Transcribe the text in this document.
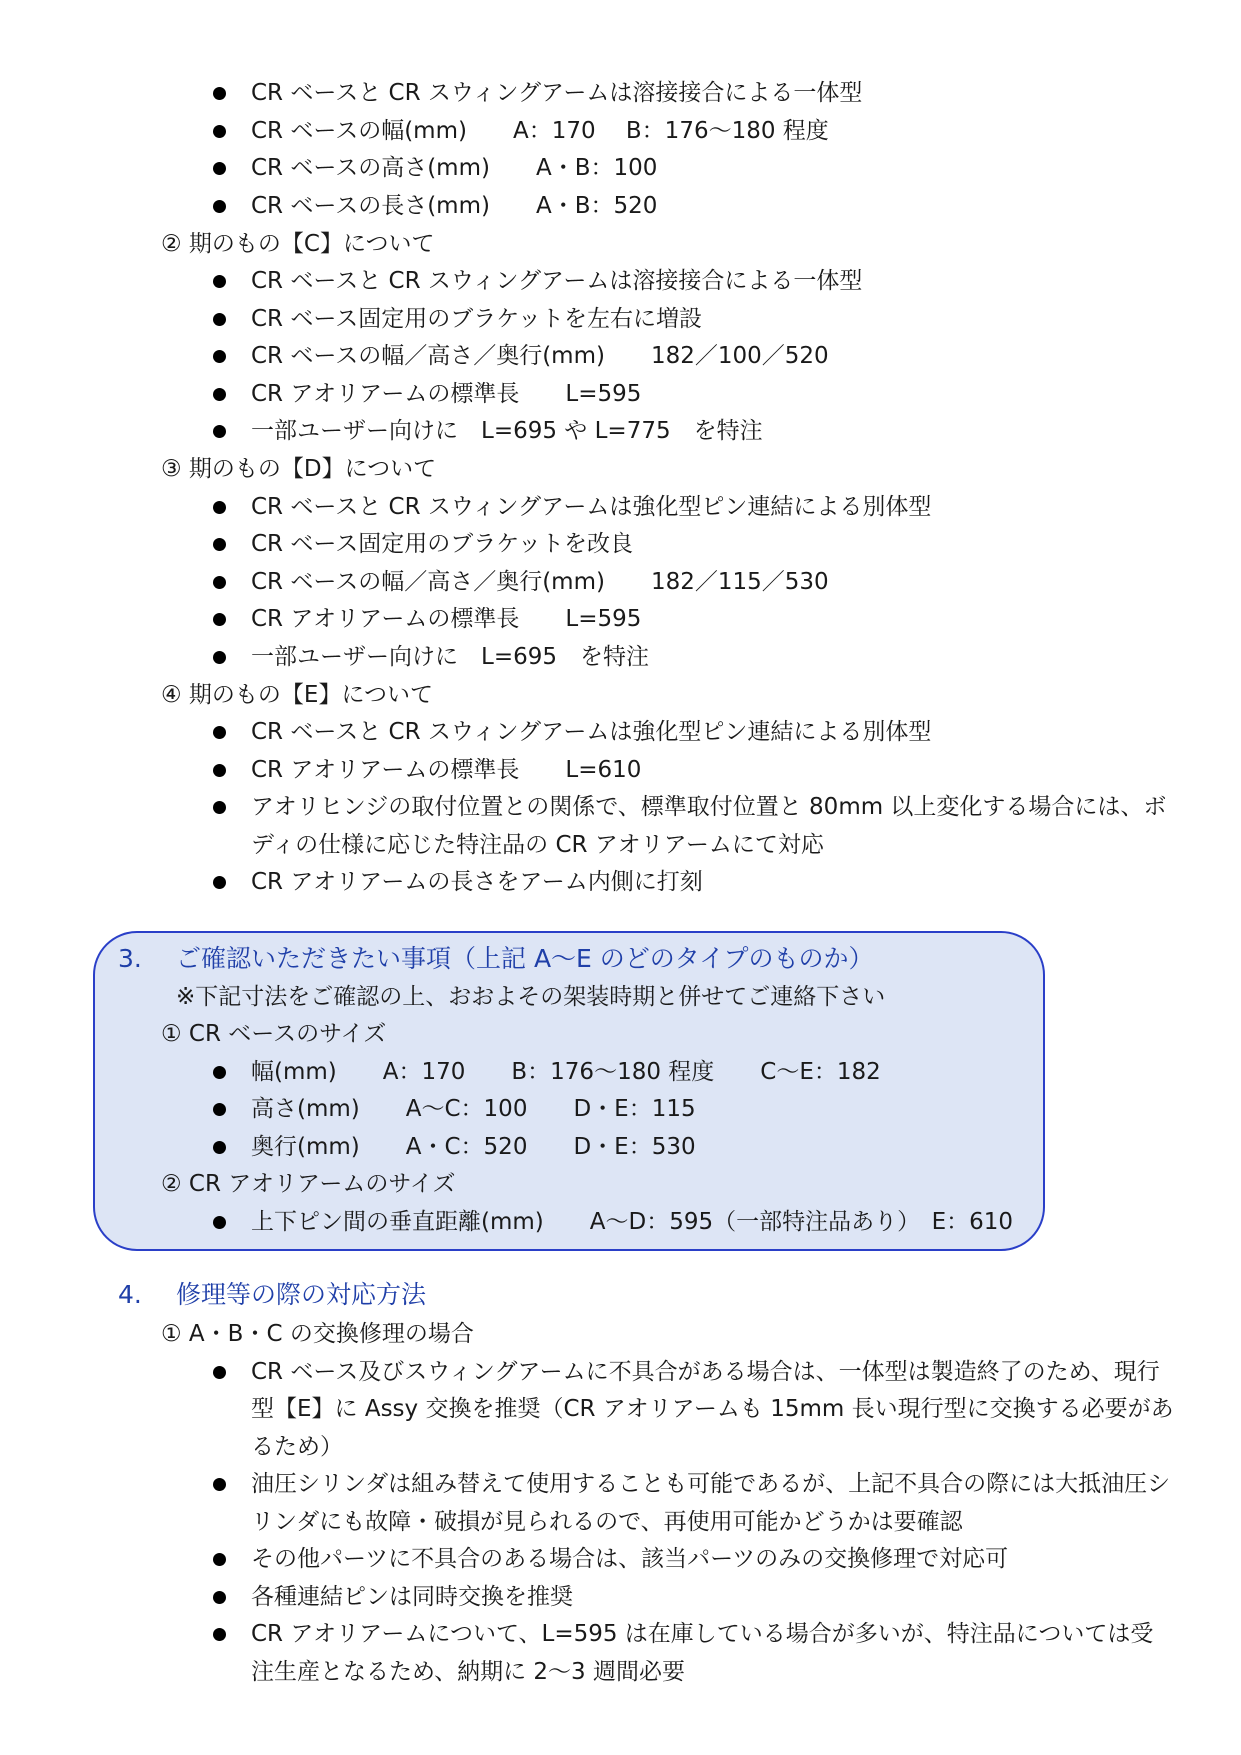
CR ベースと CR スウィングアームは溶接接合による一体型
CR ベースの幅(mm)　　A：170　 B：176～180 程度
CR ベースの高さ(mm)　　A・B：100
CR ベースの長さ(mm)　　A・B：520
② 期のもの【C】について
CR ベースと CR スウィングアームは溶接接合による一体型
CR ベース固定用のブラケットを左右に増設
CR ベースの幅／高さ／奥行(mm)　　182／100／520
CR アオリアームの標準長　　L=595
一部ユーザー向けに　L=695 や L=775　を特注
③ 期のもの【D】について
CR ベースと CR スウィングアームは強化型ピン連結による別体型
CR ベース固定用のブラケットを改良
CR ベースの幅／高さ／奥行(mm)　　182／115／530
CR アオリアームの標準長　　L=595
一部ユーザー向けに　L=695　を特注
④ 期のもの【E】について
CR ベースと CR スウィングアームは強化型ピン連結による別体型
CR アオリアームの標準長　　L=610
アオリヒンジの取付位置との関係で、標準取付位置と 80mm 以上変化する場合には、ボ
ディの仕様に応じた特注品の CR アオリアームにて対応
CR アオリアームの長さをアーム内側に打刻
3. ご確認いただきたい事項（上記 A～E のどのタイプのものか）
※下記寸法をご確認の上、おおよその架装時期と併せてご連絡下さい
① CR ベースのサイズ
幅(mm)　　A：170　　B：176～180 程度　　C～E：182
高さ(mm)　　A～C：100　　D・E：115
奥行(mm)　　A・C：520　　D・E：530
② CR アオリアームのサイズ
上下ピン間の垂直距離(mm)　　A～D：595（一部特注品あり）　E：610
4. 修理等の際の対応方法
① A・B・C の交換修理の場合
CR ベース及びスウィングアームに不具合がある場合は、一体型は製造終了のため、現行
型【E】に Assy 交換を推奨（CR アオリアームも 15mm 長い現行型に交換する必要があ
るため）
油圧シリンダは組み替えて使用することも可能であるが、上記不具合の際には大抵油圧シ
リンダにも故障・破損が見られるので、再使用可能かどうかは要確認
その他パーツに不具合のある場合は、該当パーツのみの交換修理で対応可
各種連結ピンは同時交換を推奨
CR アオリアームについて、L=595 は在庫している場合が多いが、特注品については受
注生産となるため、納期に 2～3 週間必要
